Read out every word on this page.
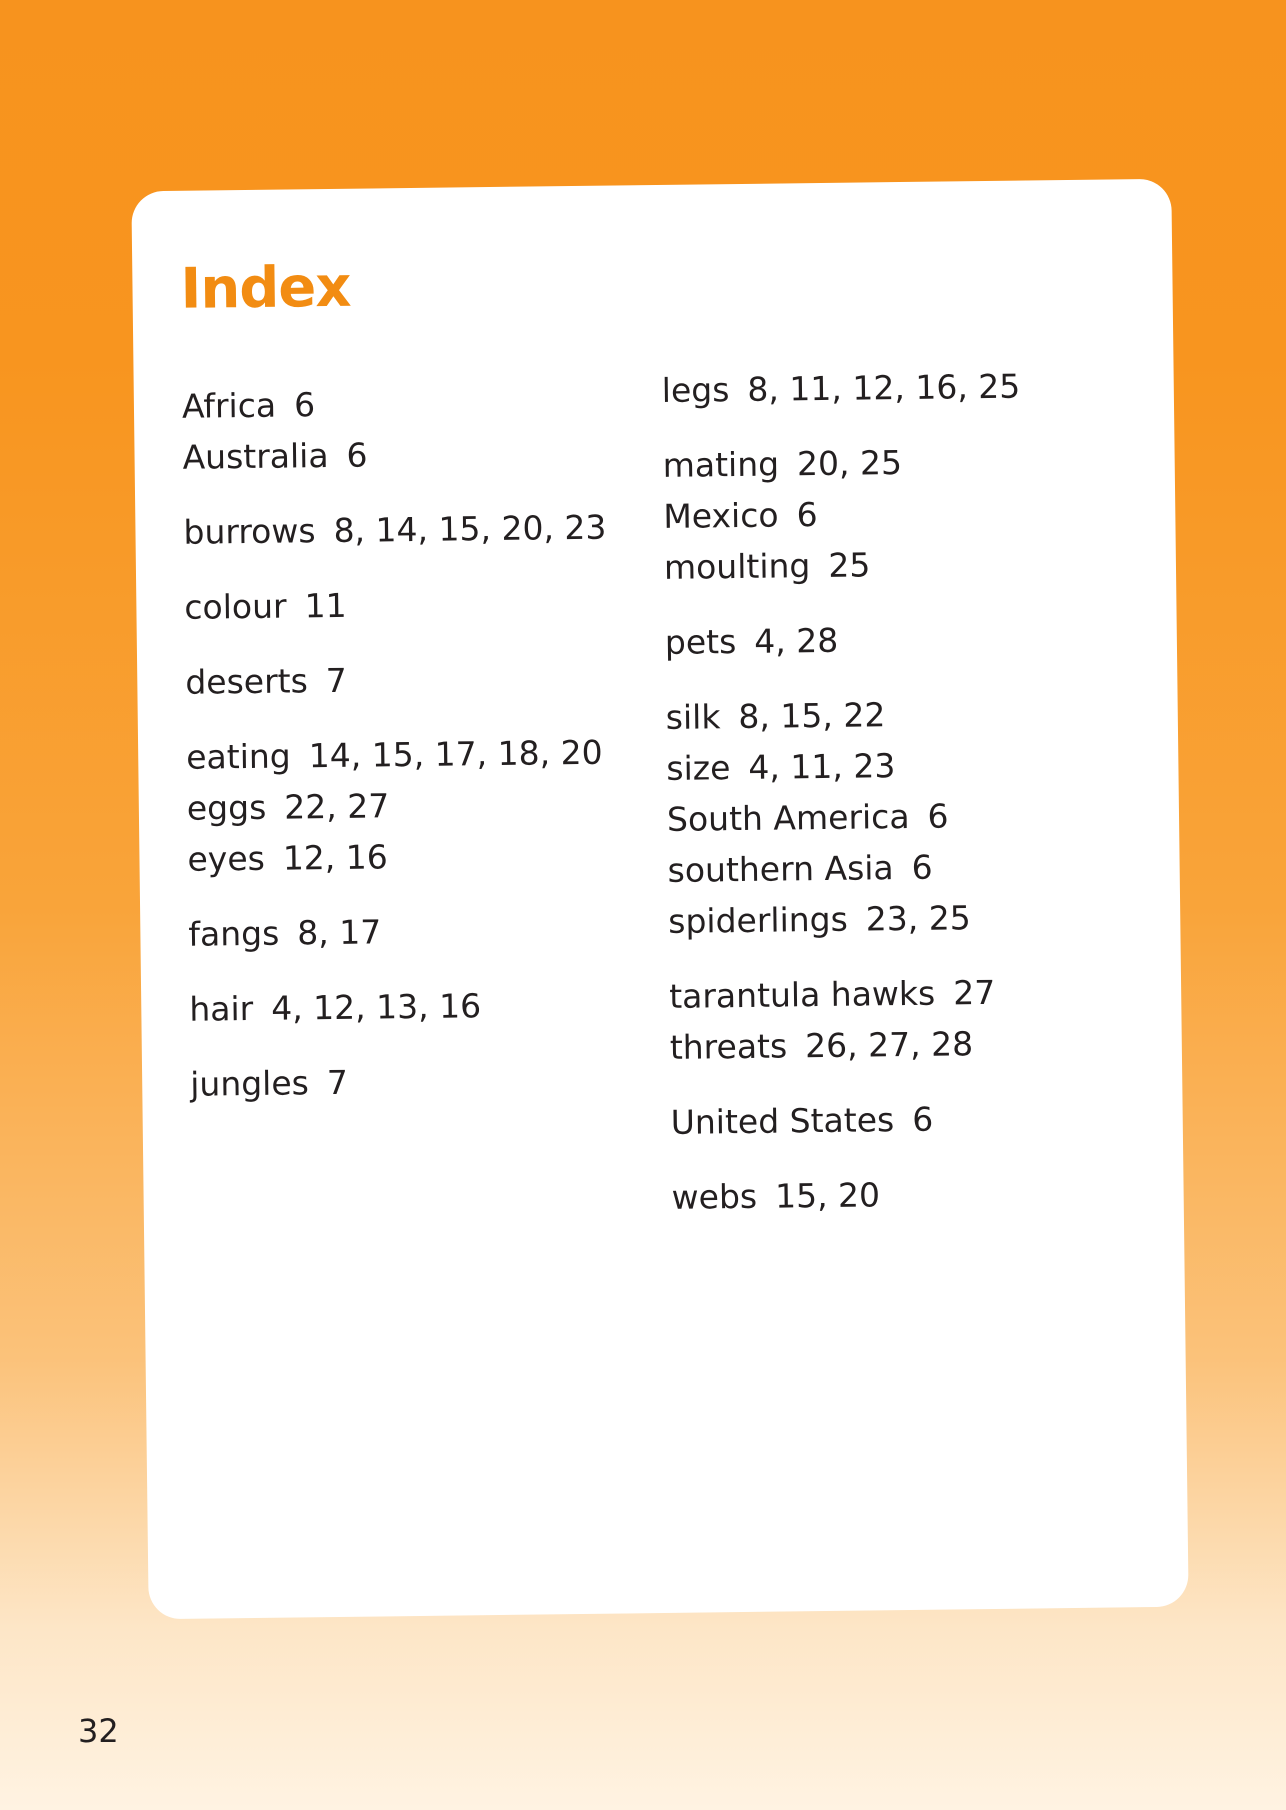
Index
Africa 6
Australia 6
burrows 8, 14, 15, 20, 23
colour 11
deserts 7
eating 14, 15, 17, 18, 20
eggs 22, 27
eyes 12, 16
fangs 8, 17
hair 4, 12, 13, 16
jungles 7
legs 8, 11, 12, 16, 25
mating 20, 25
Mexico 6
moulting 25
pets 4, 28
silk 8, 15, 22
size 4, 11, 23
South America 6
southern Asia 6
spiderlings 23, 25
tarantula hawks 27
threats 26, 27, 28
United States 6
webs 15, 20
32
